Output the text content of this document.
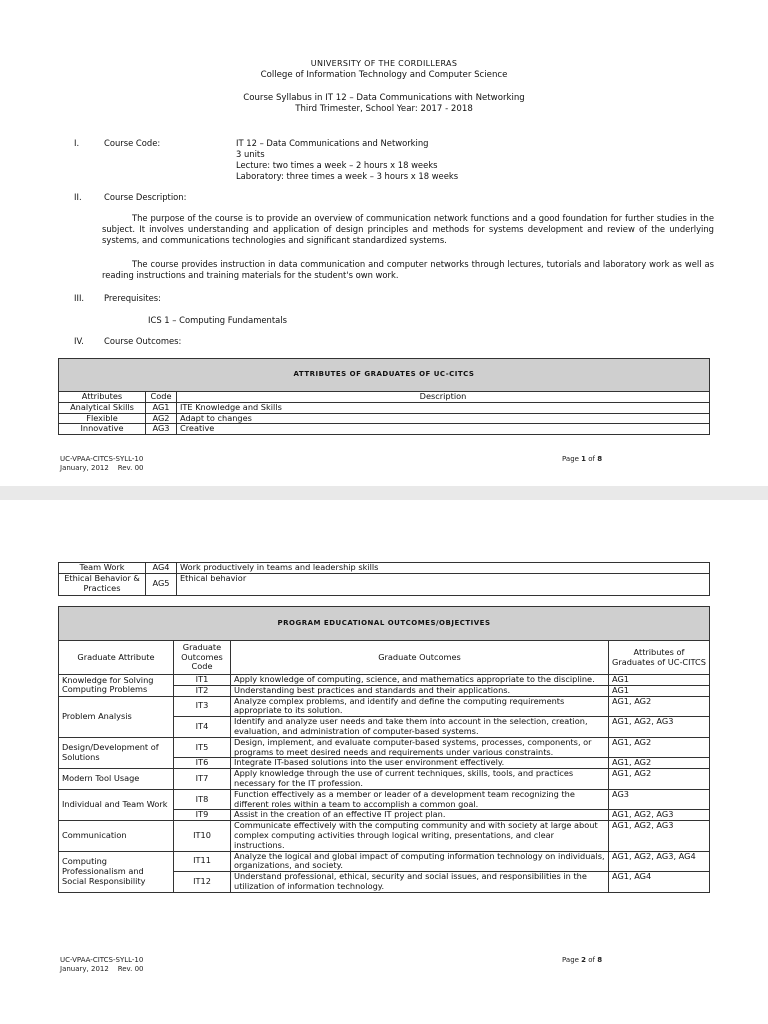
UNIVERSITY OF THE CORDILLERAS
College of Information Technology and Computer Science
Course Syllabus in IT 12 – Data Communications with Networking
Third Trimester, School Year: 2017 - 2018
I.	Course Code:	IT 12 – Data Communications and Networking
3 units
Lecture: two times a week – 2 hours x 18 weeks
Laboratory: three times a week – 3 hours x 18 weeks
II.	Course Description:
The purpose of the course is to provide an overview of communication network functions and a good foundation for further studies in the subject. It involves understanding and application of design principles and methods for systems development and review of the underlying systems, and communications technologies and significant standardized systems.
The course provides instruction in data communication and computer networks through lectures, tutorials and laboratory work as well as reading instructions and training materials for the student's own work.
III. Prerequisites:
ICS 1 – Computing Fundamentals
IV. Course Outcomes:
ATTRIBUTES OF GRADUATES OF UC-CITCS		
Attributes	Code	Description
Analytical Skills	AG1	ITE Knowledge and Skills
Flexible	AG2	Adapt to changes
Innovative	AG3	Creative
UC-VPAA-CITCS-SYLL-10
January, 2012    Rev. 00
Page 1 of 8
Team Work	AG4	Work productively in teams and leadership skills
Ethical Behavior & Practices	AG5	Ethical behavior
PROGRAM EDUCATIONAL OUTCOMES/OBJECTIVES			
Graduate Attribute	Graduate Outcomes Code	Graduate Outcomes	Attributes of Graduates of UC-CITCS
Knowledge for Solving Computing Problems	IT1	Apply knowledge of computing, science, and mathematics appropriate to the discipline.	AG1
	IT2	Understanding best practices and standards and their applications.	AG1
Problem Analysis	IT3	Analyze complex problems, and identify and define the computing requirements appropriate to its solution.	AG1, AG2
	IT4	Identify and analyze user needs and take them into account in the selection, creation, evaluation, and administration of computer-based systems.	AG1, AG2, AG3
Design/Development of Solutions	IT5	Design, implement, and evaluate computer-based systems, processes, components, or programs to meet desired needs and requirements under various constraints.	AG1, AG2
	IT6	Integrate IT-based solutions into the user environment effectively.	AG1, AG2
Modern Tool Usage	IT7	Apply knowledge through the use of current techniques, skills, tools, and practices necessary for the IT profession.	AG1, AG2
Individual and Team Work	IT8	Function effectively as a member or leader of a development team recognizing the different roles within a team to accomplish a common goal.	AG3
	IT9	Assist in the creation of an effective IT project plan.	AG1, AG2, AG3
Communication	IT10	Communicate effectively with the computing community and with society at large about complex computing activities through logical writing, presentations, and clear instructions.	AG1, AG2, AG3
Computing Professionalism and Social Responsibility	IT11	Analyze the logical and global impact of computing information technology on individuals, organizations, and society.	AG1, AG2, AG3, AG4
	IT12	Understand professional, ethical, security and social issues, and responsibilities in the utilization of information technology.	AG1, AG4
UC-VPAA-CITCS-SYLL-10
January, 2012    Rev. 00
Page 2 of 8
